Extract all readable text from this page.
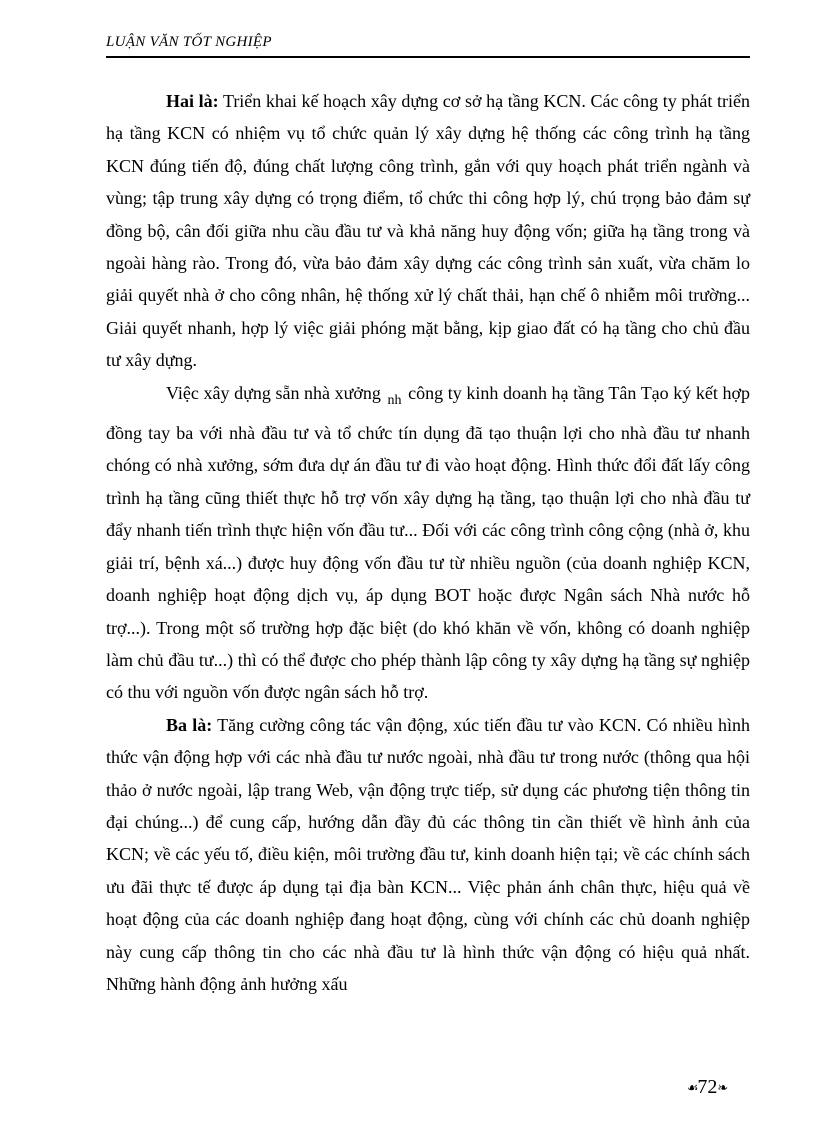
LUẬN VĂN TỐT NGHIỆP

Hai là: Triển khai kế hoạch xây dựng cơ sở hạ tầng KCN. Các công ty phát triển hạ tầng KCN có nhiệm vụ tổ chức quản lý xây dựng hệ thống các công trình hạ tầng KCN đúng tiến độ, đúng chất lượng công trình, gắn với quy hoạch phát triển ngành và vùng; tập trung xây dựng có trọng điểm, tổ chức thi công hợp lý, chú trọng bảo đảm sự đồng bộ, cân đối giữa nhu cầu đầu tư và khả năng huy động vốn; giữa hạ tầng trong và ngoài hàng rào. Trong đó, vừa bảo đảm xây dựng các công trình sản xuất, vừa chăm lo giải quyết nhà ở cho công nhân, hệ thống xử lý chất thải, hạn chế ô nhiễm môi trường... Giải quyết nhanh, hợp lý việc giải phóng mặt bằng, kịp giao đất có hạ tầng cho chủ đầu tư xây dựng.

Việc xây dựng sẵn nhà xưởng $_{nh}$ công ty kinh doanh hạ tầng Tân Tạo ký kết hợp đồng tay ba với nhà đầu tư và tổ chức tín dụng đã tạo thuận lợi cho nhà đầu tư nhanh chóng có nhà xưởng, sớm đưa dự án đầu tư đi vào hoạt động. Hình thức đổi đất lấy công trình hạ tầng cũng thiết thực hỗ trợ vốn xây dựng hạ tầng, tạo thuận lợi cho nhà đầu tư đẩy nhanh tiến trình thực hiện vốn đầu tư... Đối với các công trình công cộng (nhà ở, khu giải trí, bệnh xá...) được huy động vốn đầu tư từ nhiều nguồn (của doanh nghiệp KCN, doanh nghiệp hoạt động dịch vụ, áp dụng BOT hoặc được Ngân sách Nhà nước hỗ trợ...). Trong một số trường hợp đặc biệt (do khó khăn về vốn, không có doanh nghiệp làm chủ đầu tư...) thì có thể được cho phép thành lập công ty xây dựng hạ tầng sự nghiệp có thu với nguồn vốn được ngân sách hỗ trợ.

Ba là: Tăng cường công tác vận động, xúc tiến đầu tư vào KCN. Có nhiều hình thức vận động hợp với các nhà đầu tư nước ngoài, nhà đầu tư trong nước (thông qua hội thảo ở nước ngoài, lập trang Web, vận động trực tiếp, sử dụng các phương tiện thông tin đại chúng...) để cung cấp, hướng dẫn đầy đủ các thông tin cần thiết về hình ảnh của KCN; về các yếu tố, điều kiện, môi trường đầu tư, kinh doanh hiện tại; về các chính sách ưu đãi thực tế được áp dụng tại địa bàn KCN... Việc phản ánh chân thực, hiệu quả về hoạt động của các doanh nghiệp đang hoạt động, cùng với chính các chủ doanh nghiệp này cung cấp thông tin cho các nhà đầu tư là hình thức vận động có hiệu quả nhất. Những hành động ảnh hưởng xấu

☙ 72 ❧
